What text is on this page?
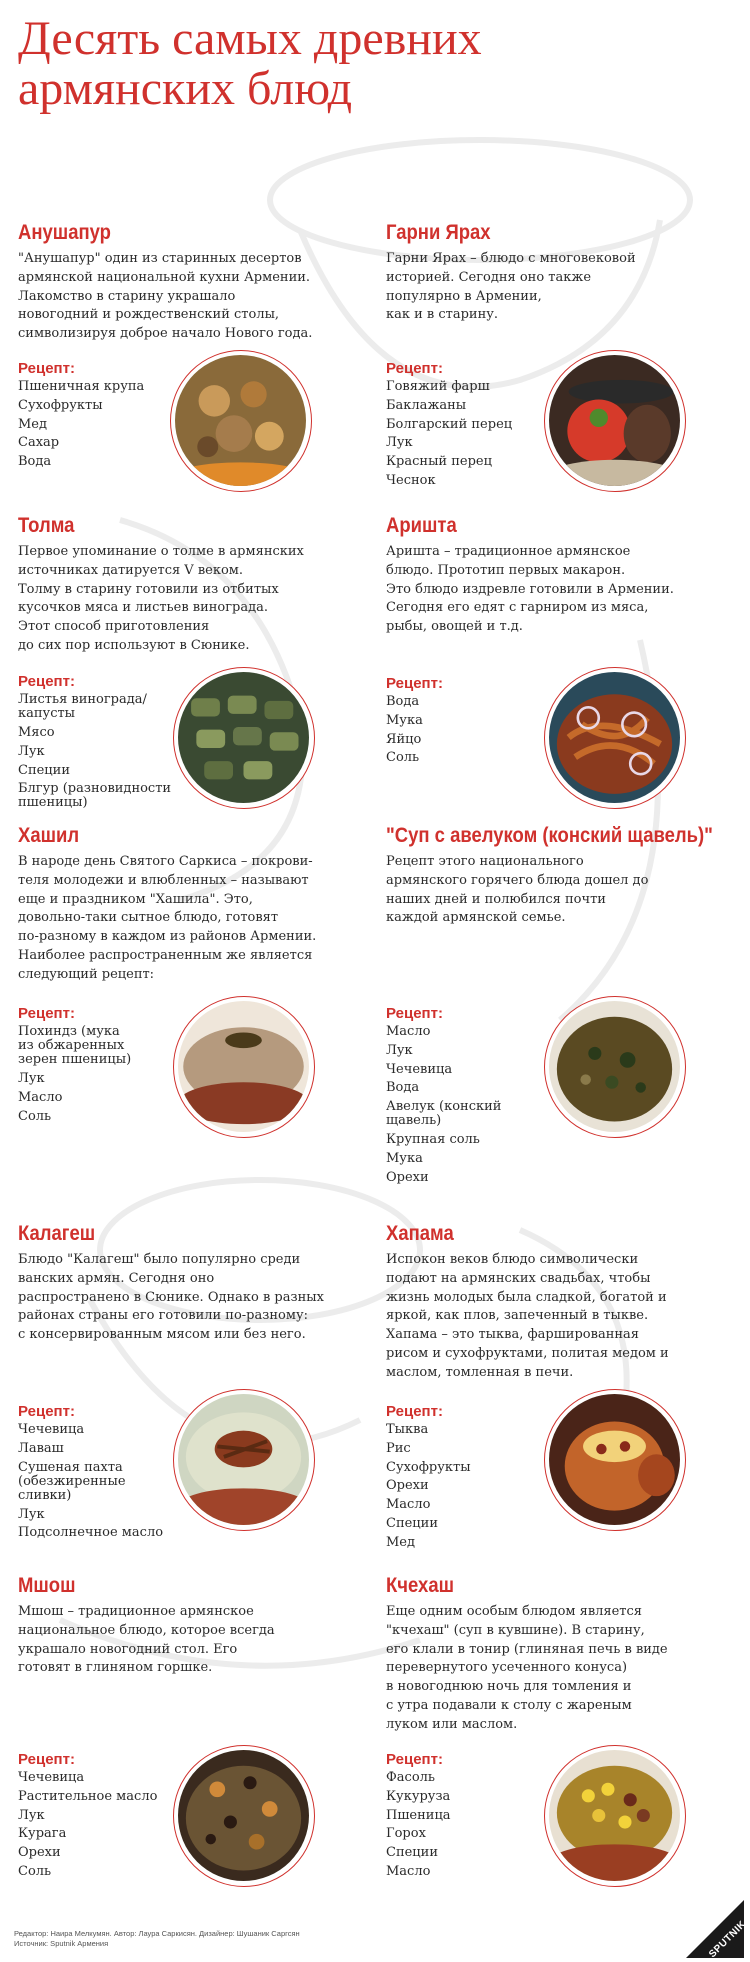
Десять самых древних армянских блюд
Анушапур
"Анушапур" один из старинных десертов
армянской национальной кухни Армении.
Лакомство в старину украшало
новогодний и рождественский столы,
символизируя доброе начало Нового года.
Рецепт:
Пшеничная крупа
Сухофрукты
Мед
Сахар
Вода
Гарни Ярах
Гарни Ярах – блюдо с многовековой
историей. Сегодня оно также
популярно в Армении,
как и в старину.
Рецепт:
Говяжий фарш
Баклажаны
Болгарский перец
Лук
Красный перец
Чеснок
Толма
Первое упоминание о толме в армянских
источниках датируется V веком.
Толму в старину готовили из отбитых
кусочков мяса и листьев винограда.
Этот способ приготовления
до сих пор используют в Сюнике.
Рецепт:
Листья винограда/
капусты
Мясо
Лук
Специи
Блгур (разновидности
пшеницы)
Аришта
Аришта – традиционное армянское
блюдо. Прототип первых макарон.
Это блюдо издревле готовили в Армении.
Сегодня его едят с гарниром из мяса,
рыбы, овощей и т.д.
Рецепт:
Вода
Мука
Яйцо
Соль
Хашил
В народе день Святого Саркиса – покрови-
теля молодежи и влюбленных – называют
еще и праздником "Хашила". Это,
довольно-таки сытное блюдо, готовят
по-разному в каждом из районов Армении.
Наиболее распространенным же является
следующий рецепт:
Рецепт:
Похиндз (мука
из обжаренных
зерен пшеницы)
Лук
Масло
Соль
"Суп с авелуком (конский щавель)"
Рецепт этого национального
армянского горячего блюда дошел до
наших дней и полюбился почти
каждой армянской семье.
Рецепт:
Масло
Лук
Чечевица
Вода
Авелук (конский
щавель)
Крупная соль
Мука
Орехи
Калагеш
Блюдо "Калагеш" было популярно среди
ванских армян. Сегодня оно
распространено в Сюнике. Однако в разных
районах страны его готовили по-разному:
с консервированным мясом или без него.
Рецепт:
Чечевица
Лаваш
Сушеная пахта
(обезжиренные
сливки)
Лук
Подсолнечное масло
Хапама
Испокон веков блюдо символически
подают на армянских свадьбах, чтобы
жизнь молодых была сладкой, богатой и
яркой, как плов, запеченный в тыкве.
Хапама – это тыква, фаршированная
рисом и сухофруктами, политая медом и
маслом, томленная в печи.
Рецепт:
Тыква
Рис
Сухофрукты
Орехи
Масло
Специи
Мед
Мшош
Мшош – традиционное армянское
национальное блюдо, которое всегда
украшало новогодний стол. Его
готовят в глиняном горшке.
Рецепт:
Чечевица
Растительное масло
Лук
Курага
Орехи
Соль
Кчехаш
Еще одним особым блюдом является
"кчехаш" (суп в кувшине). В старину,
его клали в тонир (глиняная печь в виде
перевернутого усеченного конуса)
в новогоднюю ночь для томления и
с утра подавали к столу с жареным
луком или маслом.
Рецепт:
Фасоль
Кукуруза
Пшеница
Горох
Специи
Масло
Редактор: Наира Мелкумян. Автор: Лаура Саркисян. Дизайнер: Шушаник Саргсян
Источник: Sputnik Армения	SPUTNIK
